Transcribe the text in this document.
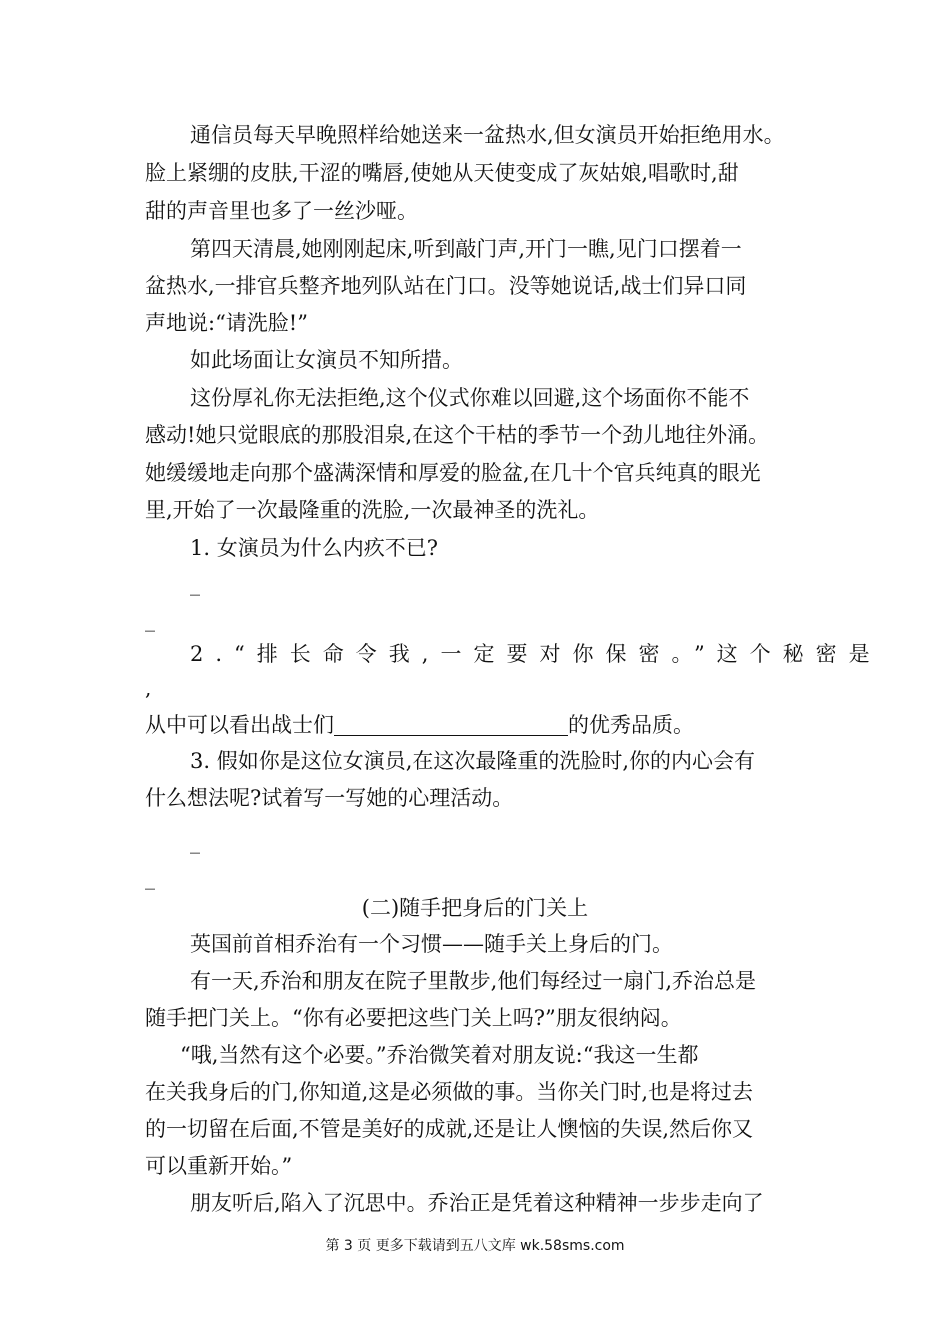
通信员每天早晚照样给她送来一盆热水,但女演员开始拒绝用水。
脸上紧绷的皮肤,干涩的嘴唇,使她从天使变成了灰姑娘,唱歌时,甜
甜的声音里也多了一丝沙哑。
第四天清晨,她刚刚起床,听到敲门声,开门一瞧,见门口摆着一
盆热水,一排官兵整齐地列队站在门口。没等她说话,战士们异口同
声地说:“请洗脸!”
如此场面让女演员不知所措。
这份厚礼你无法拒绝,这个仪式你难以回避,这个场面你不能不
感动!她只觉眼底的那股泪泉,在这个干枯的季节一个劲儿地往外涌。
她缓缓地走向那个盛满深情和厚爱的脸盆,在几十个官兵纯真的眼光
里,开始了一次最隆重的洗脸,一次最神圣的洗礼。
1. 女演员为什么内疚不已?
_
_
2.“排长命令我,一定要对你保密。”这个秘密是
,
从中可以看出战士们	的优秀品质。
3. 假如你是这位女演员,在这次最隆重的洗脸时,你的内心会有
什么想法呢?试着写一写她的心理活动。
_
_
(二)随手把身后的门关上
英国前首相乔治有一个习惯——随手关上身后的门。
有一天,乔治和朋友在院子里散步,他们每经过一扇门,乔治总是
随手把门关上。“你有必要把这些门关上吗?”朋友很纳闷。
“哦,当然有这个必要。”乔治微笑着对朋友说:“我这一生都
在关我身后的门,你知道,这是必须做的事。当你关门时,也是将过去
的一切留在后面,不管是美好的成就,还是让人懊恼的失误,然后你又
可以重新开始。”
朋友听后,陷入了沉思中。乔治正是凭着这种精神一步步走向了
第 3 页 更多下载请到五八文库 wk.58sms.com
